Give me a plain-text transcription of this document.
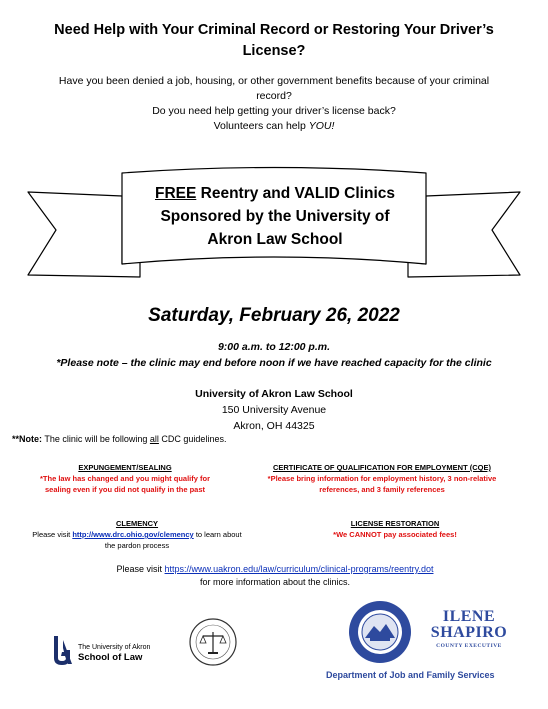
Need Help with Your Criminal Record or Restoring Your Driver’s
License?
Have you been denied a job, housing, or other government benefits because of your criminal
record?
Do you need help getting your driver’s license back?
Volunteers can help YOU!
FREE Reentry and VALID Clinics
Sponsored by the University of
Akron Law School
Saturday, February 26, 2022
9:00 a.m. to 12:00 p.m.
*Please note – the clinic may end before noon if we have reached capacity for the clinic
University of Akron Law School
150 University Avenue
Akron, OH 44325
**Note: The clinic will be following all CDC guidelines.
EXPUNGEMENT/SEALING
*The law has changed and you might qualify for
sealing even if you did not qualify in the past
CERTIFICATE OF QUALIFICATION FOR EMPLOYMENT (CQE)
*Please bring information for employment history, 3 non-relative
references, and 3 family references
CLEMENCY
Please visit http://www.drc.ohio.gov/clemency to learn about
the pardon process
LICENSE RESTORATION
*We CANNOT pay associated fees!
Please visit https://www.uakron.edu/law/curriculum/clinical-programs/reentry.dot
for more information about the clinics.
The University of Akron
School of Law
ILENE
SHAPIRO
COUNTY EXECUTIVE
Department of Job and Family Services
